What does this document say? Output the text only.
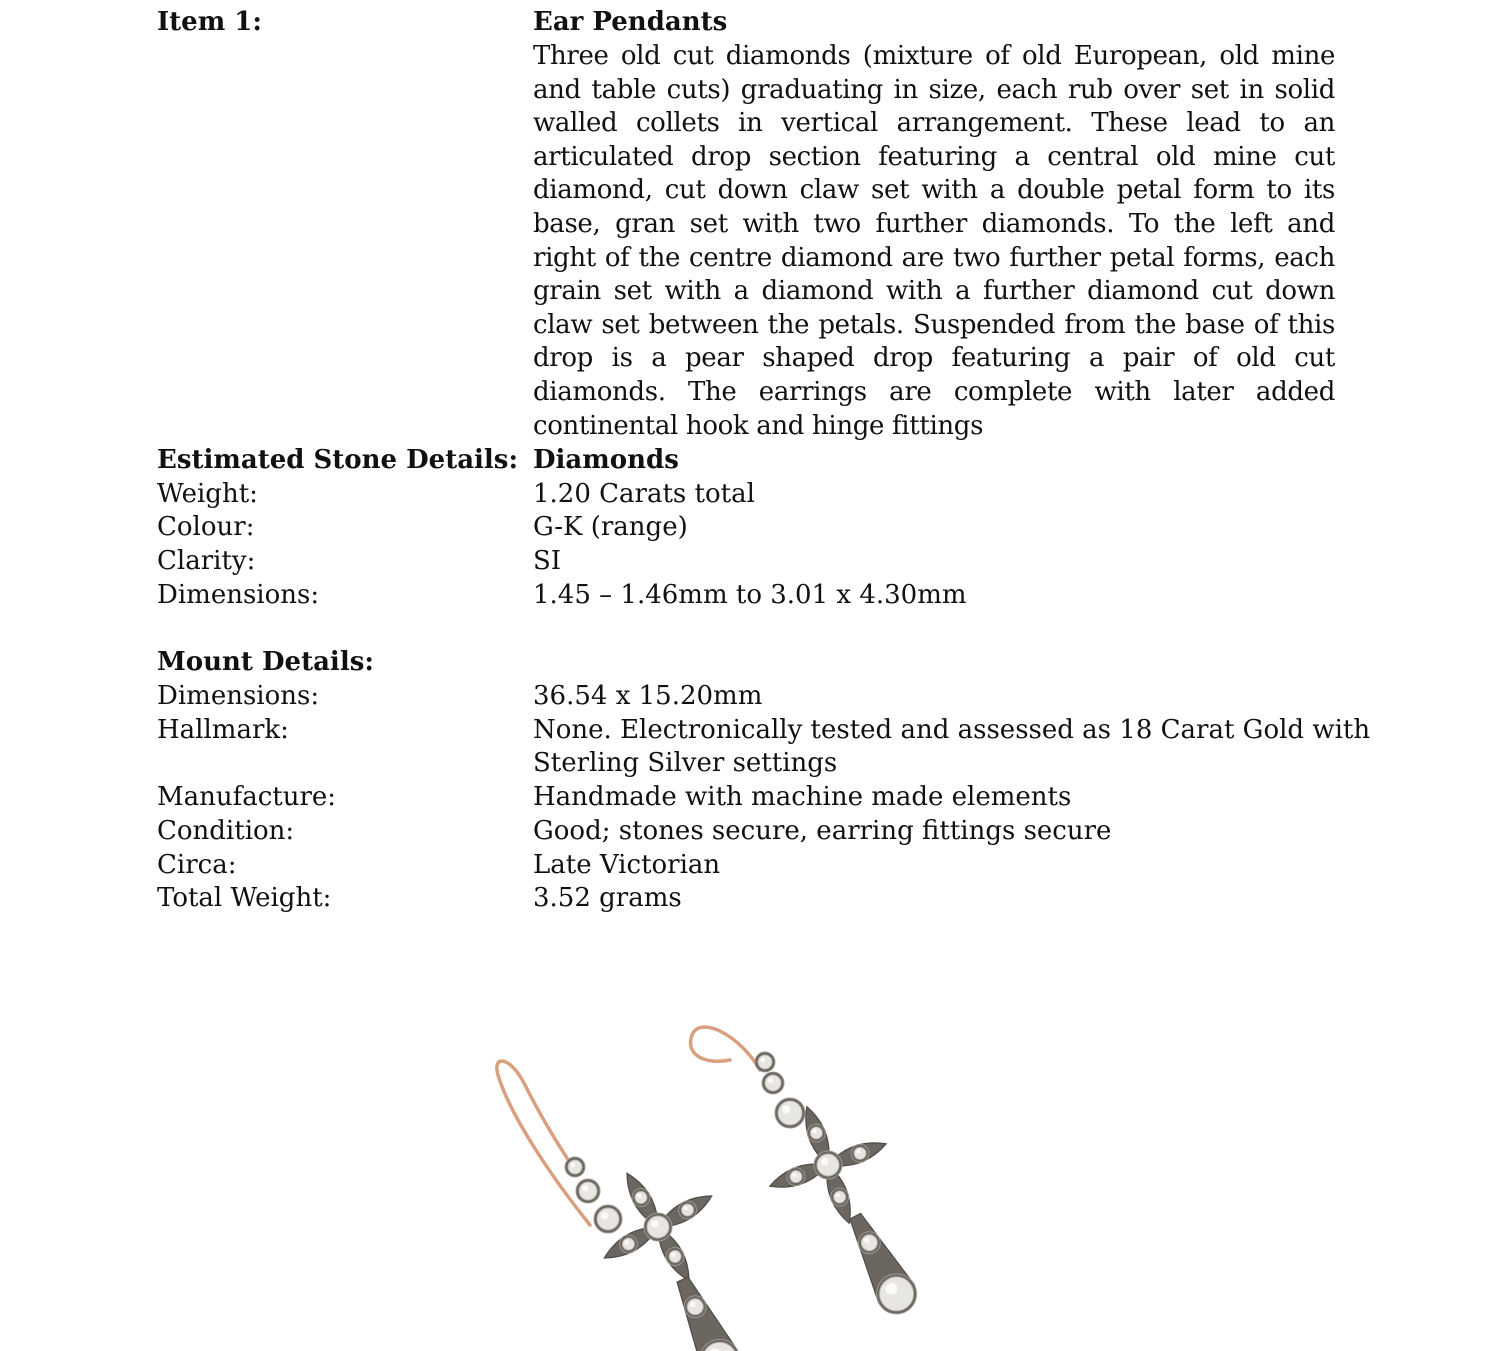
Item 1:	Ear Pendants
Three old cut diamonds (mixture of old European, old mine and table cuts) graduating in size, each rub over set in solid walled collets in vertical arrangement. These lead to an articulated drop section featuring a central old mine cut diamond, cut down claw set with a double petal form to its base, gran set with two further diamonds. To the left and right of the centre diamond are two further petal forms, each grain set with a diamond with a further diamond cut down claw set between the petals. Suspended from the base of this drop is a pear shaped drop featuring a pair of old cut diamonds. The earrings are complete with later added continental hook and hinge fittings
Estimated Stone Details: Diamonds
Weight:	1.20 Carats total
Colour:	G-K (range)
Clarity:	SI
Dimensions:	1.45 – 1.46mm to 3.01 x 4.30mm
Mount Details:
Dimensions:	36.54 x 15.20mm
Hallmark:	None. Electronically tested and assessed as 18 Carat Gold with
Sterling Silver settings
Manufacture:	Handmade with machine made elements
Condition:	Good; stones secure, earring fittings secure
Circa:	Late Victorian
Total Weight:	3.52 grams
